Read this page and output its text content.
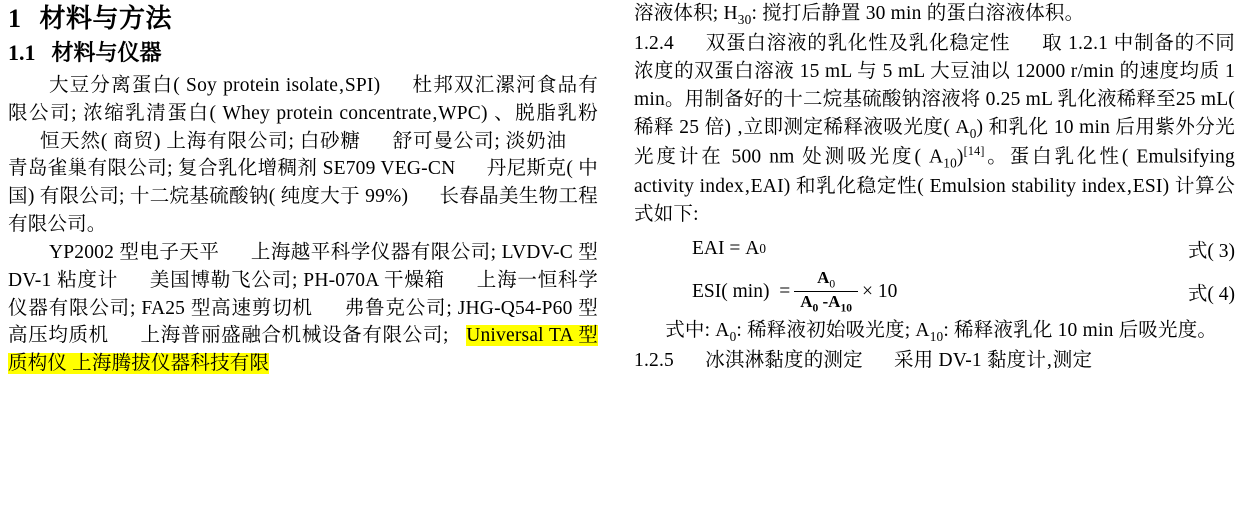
1 材料与方法
1.1 材料与仪器

大豆分离蛋白( Soy protein isolate‚SPI) 杜邦双汇漯河食品有限公司; 浓缩乳清蛋白( Whey protein concentrate‚WPC) 、脱脂乳粉恒天然( 商贸) 上海有限公司; 白砂糖 舒可曼公司; 淡奶油青岛雀巢有限公司; 复合乳化增稠剂 SE709 VEG-CN 丹尼斯克( 中国) 有限公司; 十二烷基硫酸钠( 纯度大于 99%) 长春晶美生物工程有限公司。

YP2002 型电子天平 上海越平科学仪器有限公司; LVDV-C 型 DV-1 粘度计 美国博勒飞公司; PH-070A 干燥箱 上海一恒科学仪器有限公司; FA25 型高速剪切机 弗鲁克公司; JHG-Q54-P60 型高压均质机 上海普丽盛融合机械设备有限公司; Universal TA 型质构仪 上海腾拔仪器科技有限

溶液体积; $H_{30}$: 搅打后静置 30 min 的蛋白溶液体积。

1.2.4 双蛋白溶液的乳化性及乳化稳定性 取 1.2.1 中制备的不同浓度的双蛋白溶液 15 mL 与 5 mL 大豆油以 12000 r/min 的速度均质 1 min。用制备好的十二烷基硫酸钠溶液将 0.25 mL 乳化液稀释至25 mL( 稀释 25 倍) ‚立即测定稀释液吸光度( $A_0$) 和乳化 10 min 后用紫外分光光度计在 500 nm 处测吸光度( $A_{10})[14]$。蛋白乳化性( Emulsifying activity index‚EAI) 和乳化稳定性( Emulsion stability index‚ESI) 计算公式如下:

EAI
=
A 0	式( 3)
ESI( min)
= $\frac{A_0}{A_0 -A_{10}} \times 10$	式( 4)

式中: $A_0$: 稀释液初始吸光度; $A_{10}$: 稀释液乳化 10 min 后吸光度。

1.2.5 冰淇淋黏度的测定 采用 DV-1 黏度计‚测定
